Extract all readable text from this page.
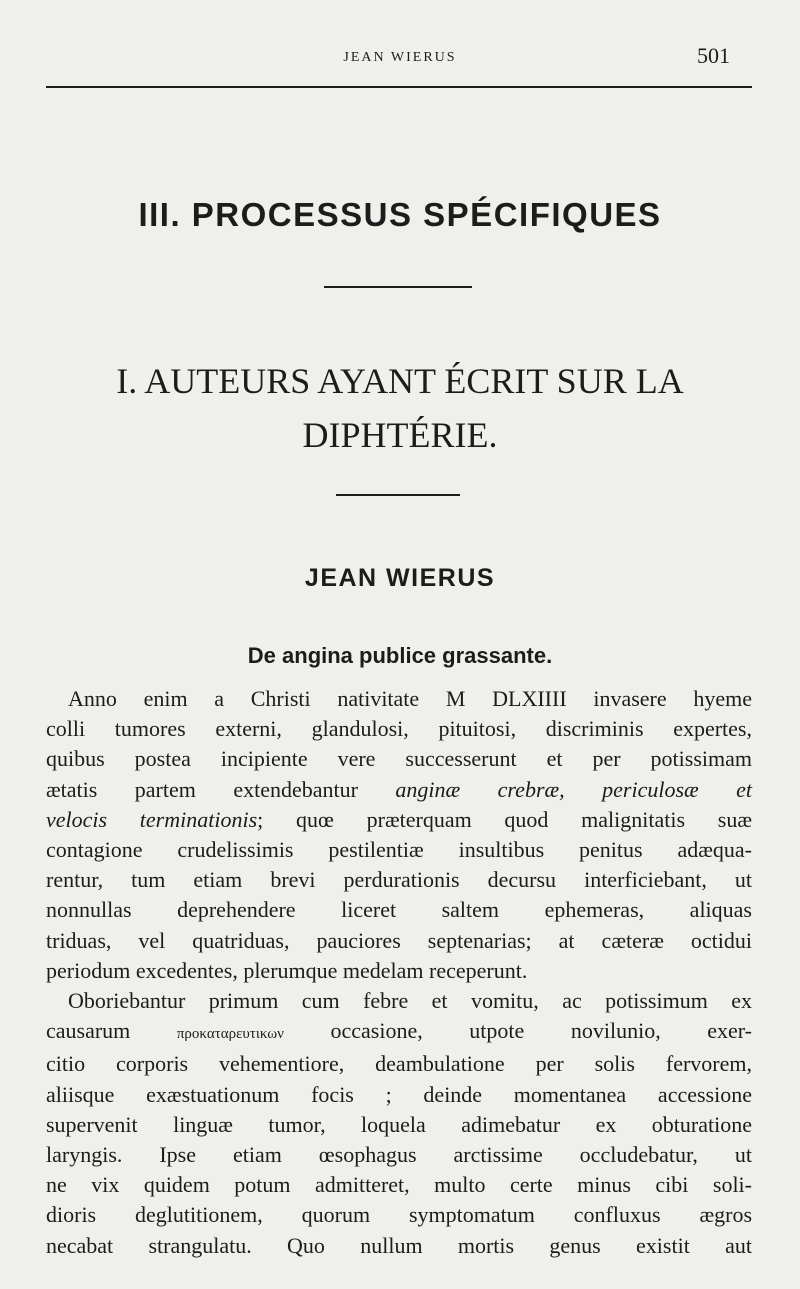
JEAN WIERUS	501
III. PROCESSUS SPÉCIFIQUES
I. AUTEURS AYANT ÉCRIT SUR LA
DIPHTÉRIE.
JEAN WIERUS
De angina publice grassante.
Anno enim a Christi nativitate M DLXIIII invasere hyeme
colli tumores externi, glandulosi, pituitosi, discriminis expertes,
quibus postea incipiente vere successerunt et per potissimam
ætatis partem extendebantur anginæ crebræ, periculosæ et
velocis terminationis; quœ præterquam quod malignitatis suæ
contagione crudelissimis pestilentiæ insultibus penitus adæqua-
rentur, tum etiam brevi perdurationis decursu interficiebant, ut
nonnullas deprehendere liceret saltem ephemeras, aliquas
triduas, vel quatriduas, pauciores septenarias; at cæteræ octidui
periodum excedentes, plerumque medelam receperunt.
Oboriebantur primum cum febre et vomitu, ac potissimum ex
causarum	προκαταρευτικων occasione, utpote novilunio, exer-
citio corporis vehementiore, deambulatione per solis fervorem,
aliisque exæstuationum focis ; deinde momentanea accessione
supervenit linguæ tumor, loquela adimebatur ex obturatione
laryngis. Ipse etiam œsophagus arctissime occludebatur, ut
ne vix quidem potum admitteret, multo certe minus cibi soli-
dioris deglutitionem, quorum symptomatum confluxus ægros
necabat strangulatu. Quo nullum mortis genus existit aut
